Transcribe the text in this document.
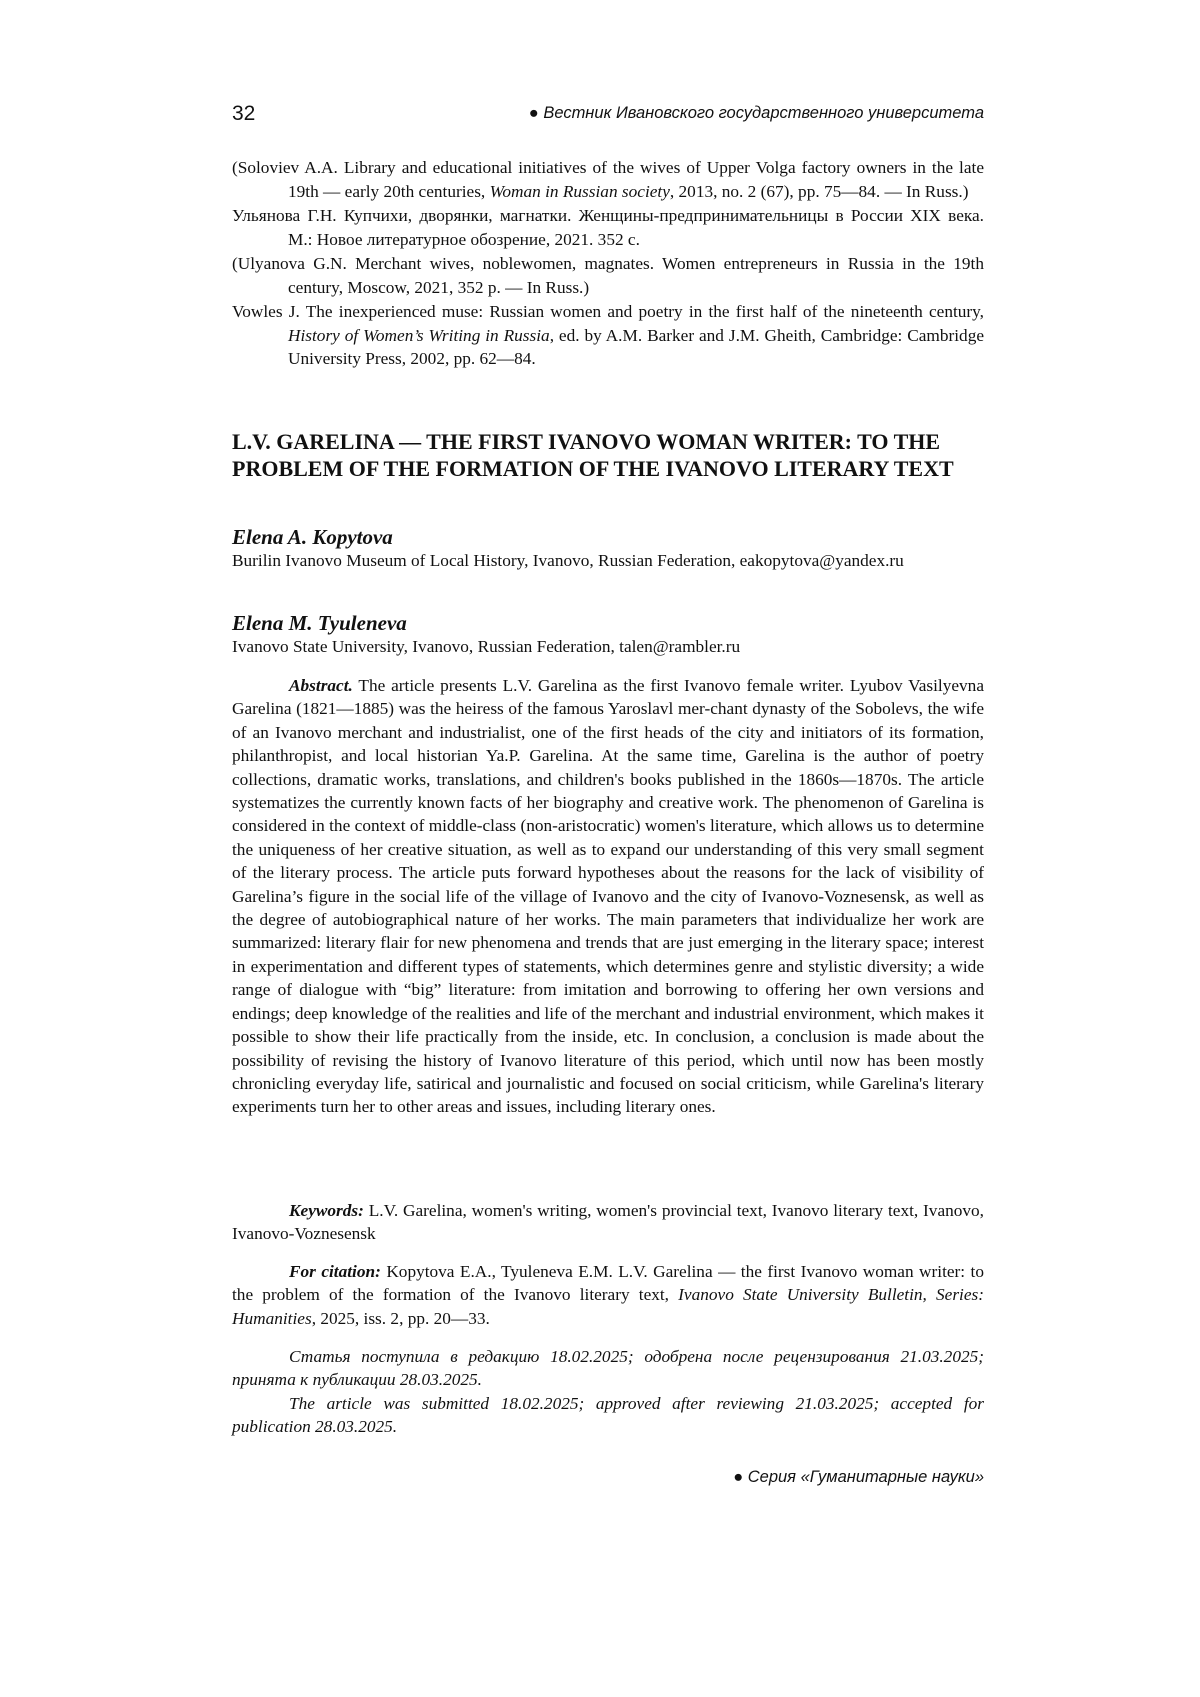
32	● Вестник Ивановского государственного университета
(Soloviev A.A. Library and educational initiatives of the wives of Upper Volga factory owners in the late 19th — early 20th centuries, Woman in Russian society, 2013, no. 2 (67), pp. 75—84. — In Russ.)
Ульянова Г.Н. Купчихи, дворянки, магнатки. Женщины-предпринимательницы в России XIX века. М.: Новое литературное обозрение, 2021. 352 с.
(Ulyanova G.N. Merchant wives, noblewomen, magnates. Women entrepreneurs in Russia in the 19th century, Moscow, 2021, 352 p. — In Russ.)
Vowles J. The inexperienced muse: Russian women and poetry in the first half of the nineteenth century, History of Women’s Writing in Russia, ed. by A.M. Barker and J.M. Gheith, Cambridge: Cambridge University Press, 2002, pp. 62—84.
L.V. GARELINA — THE FIRST IVANOVO WOMAN WRITER: TO THE PROBLEM OF THE FORMATION OF THE IVANOVO LITERARY TEXT
Elena A. Kopytova
Burilin Ivanovo Museum of Local History, Ivanovo, Russian Federation, eakopytova@yandex.ru
Elena M. Tyuleneva
Ivanovo State University, Ivanovo, Russian Federation, talen@rambler.ru

Abstract. The article presents L.V. Garelina as the first Ivanovo female writer. Lyubov Vasilyevna Garelina (1821—1885) was the heiress of the famous Yaroslavl mer-chant dynasty of the Sobolevs, the wife of an Ivanovo merchant and industrialist, one of the first heads of the city and initiators of its formation, philanthropist, and local historian Ya.P. Garelina. At the same time, Garelina is the author of poetry collections, dramatic works, translations, and children's books published in the 1860s—1870s. The article systematizes the currently known facts of her biography and creative work. The phenomenon of Garelina is considered in the context of middle-class (non-aristocratic) women's literature, which allows us to determine the uniqueness of her creative situation, as well as to expand our understanding of this very small segment of the literary process. The article puts forward hypotheses about the reasons for the lack of visibility of Garelina’s figure in the social life of the village of Ivanovo and the city of Ivanovo-Voznesensk, as well as the degree of autobiographical nature of her works. The main parameters that individualize her work are summarized: literary flair for new phenomena and trends that are just emerging in the literary space; interest in experimentation and different types of statements, which determines genre and stylistic diversity; a wide range of dialogue with “big” literature: from imitation and borrowing to offering her own versions and endings; deep knowledge of the realities and life of the merchant and industrial environment, which makes it possible to show their life practically from the inside, etc. In conclusion, a conclusion is made about the possibility of revising the history of Ivanovo literature of this period, which until now has been mostly chronicling everyday life, satirical and journalistic and focused on social criticism, while Garelina's literary experiments turn her to other areas and issues, including literary ones.

Keywords: L.V. Garelina, women's writing, women's provincial text, Ivanovo literary text, Ivanovo, Ivanovo-Voznesensk

For citation: Kopytova E.A., Tyuleneva E.M. L.V. Garelina — the first Ivanovo woman writer: to the problem of the formation of the Ivanovo literary text, Ivanovo State University Bulletin, Series: Humanities, 2025, iss. 2, pp. 20—33.

Статья поступила в редакцию 18.02.2025; одобрена после рецензирования 21.03.2025; принята к публикации 28.03.2025.

The article was submitted 18.02.2025; approved after reviewing 21.03.2025; accepted for publication 28.03.2025.

● Серия «Гуманитарные науки»
